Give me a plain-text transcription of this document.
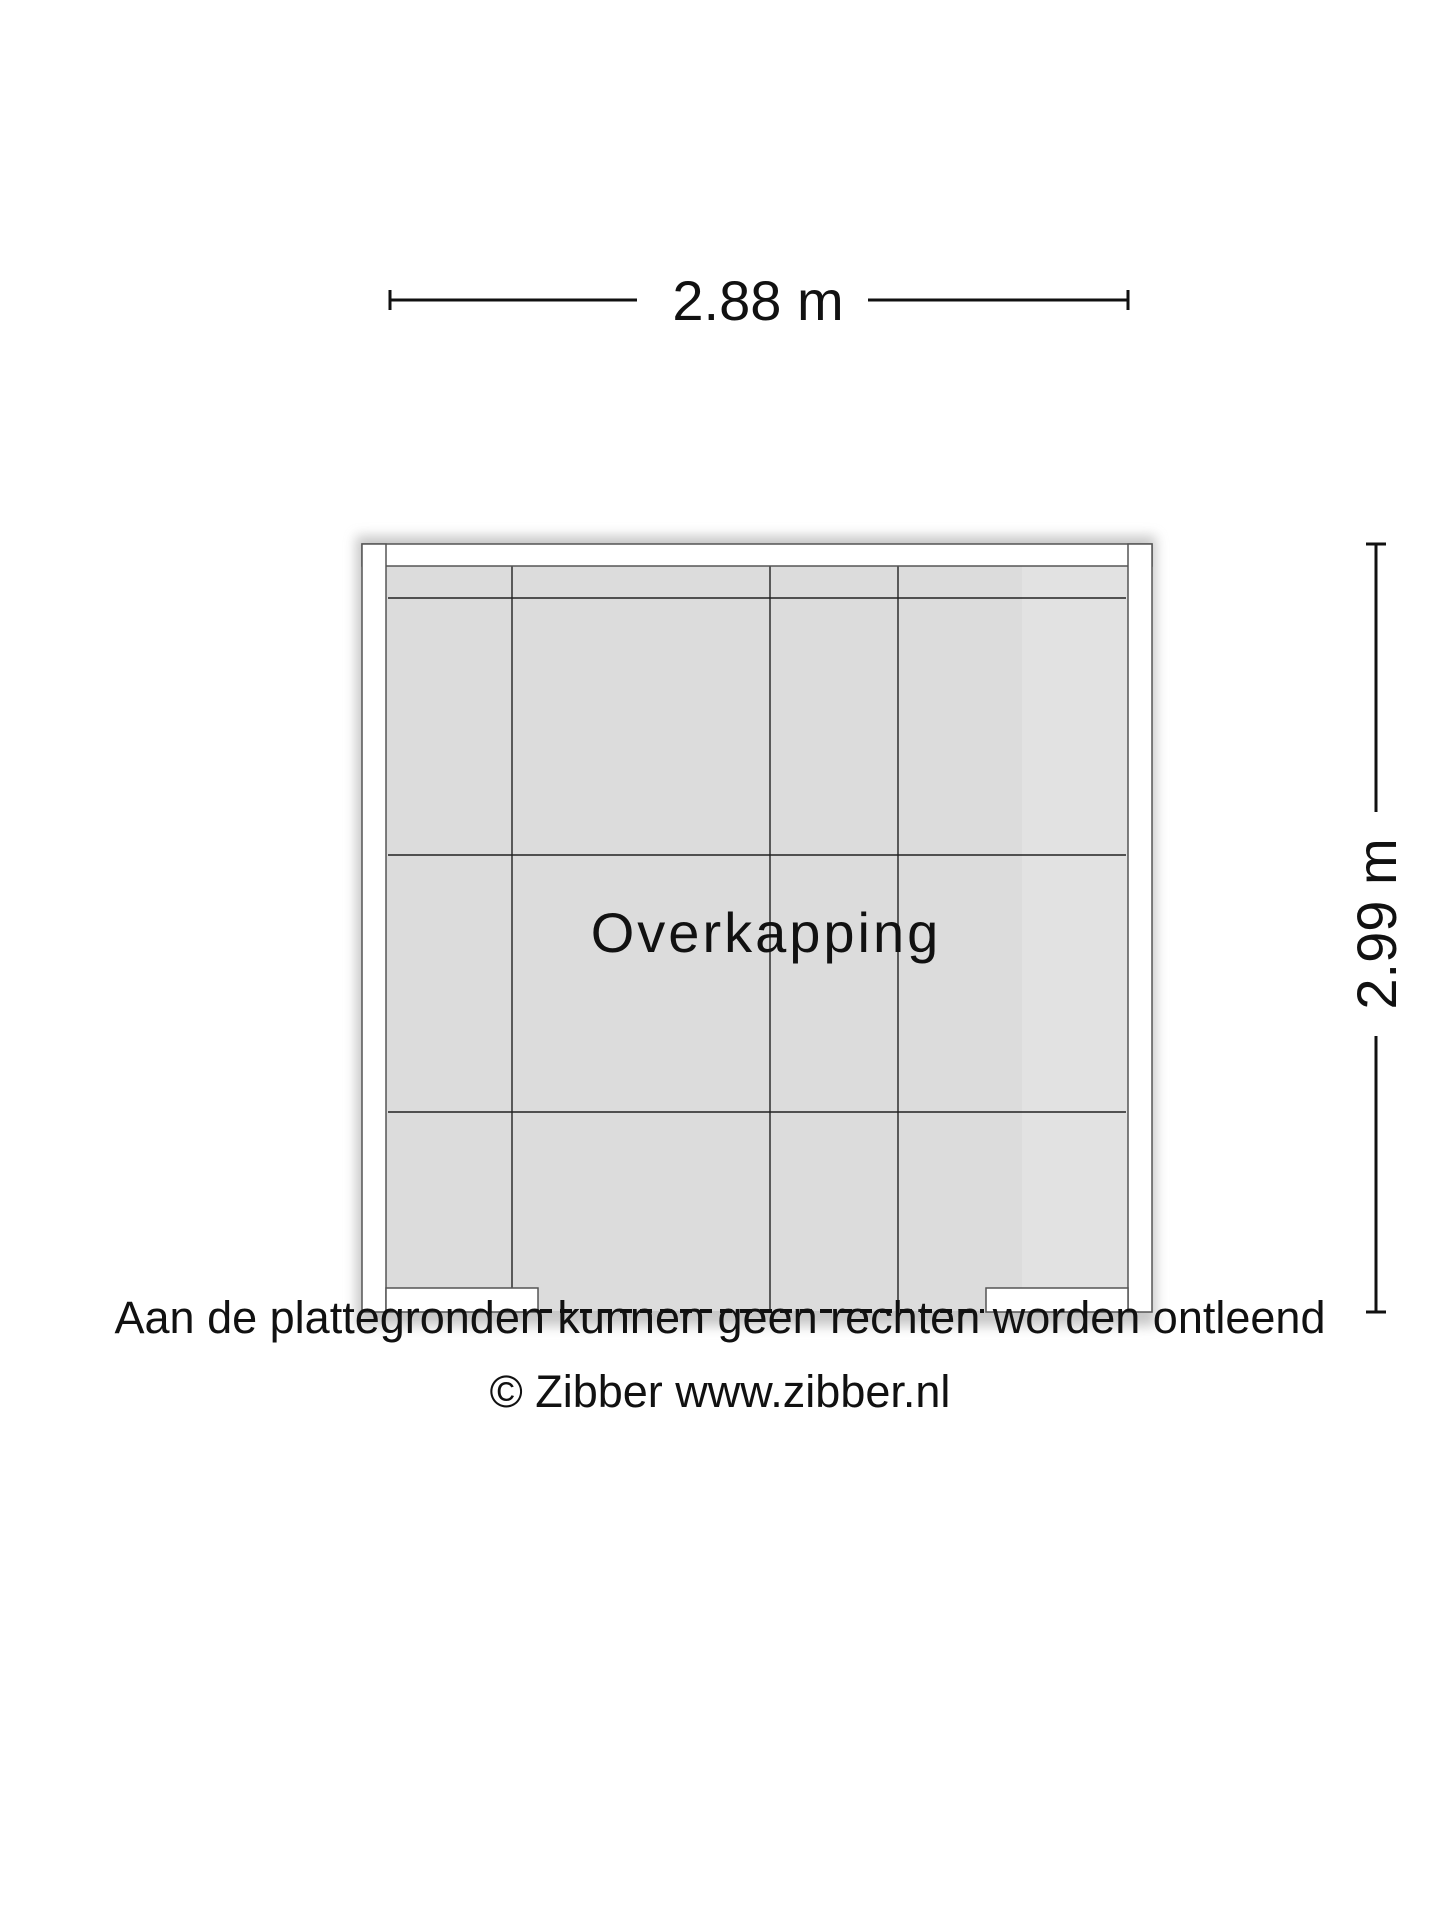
2.88 m
2.99 m
Overkapping
Aan de plattegronden kunnen geen rechten worden ontleend
© Zibber www.zibber.nl
